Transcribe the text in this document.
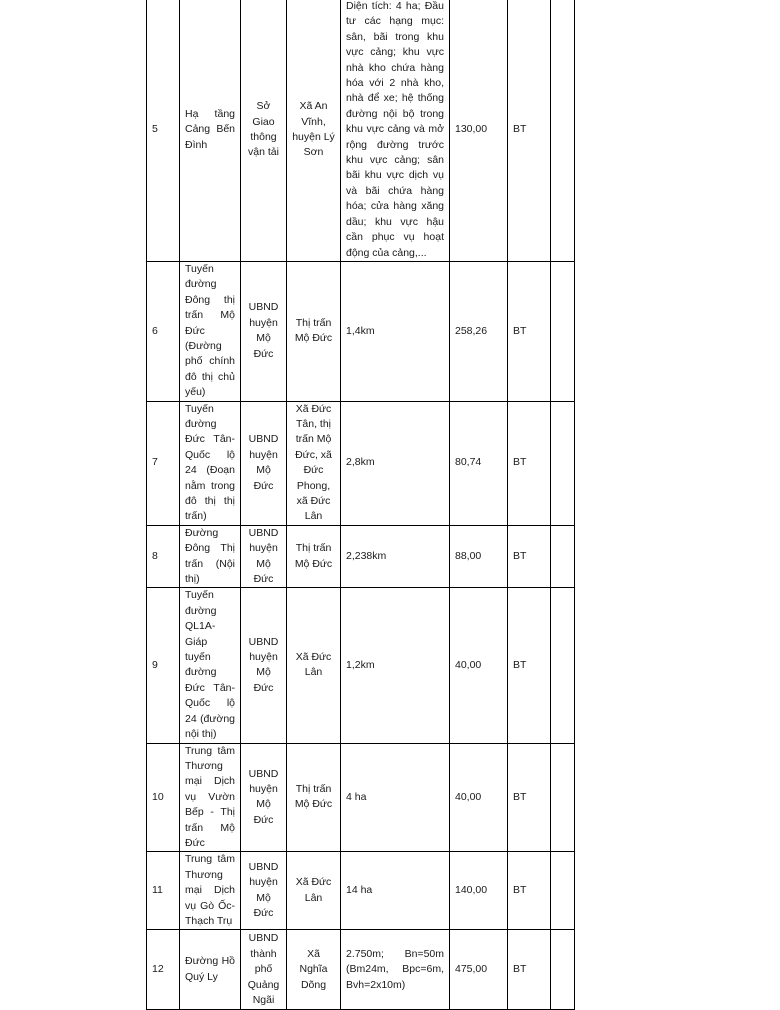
5	Hạ tầng Cảng Bến Đình	Sở Giao thông vận tải	Xã An Vĩnh, huyện Lý Sơn	Diện tích: 4 ha; Đầu tư các hạng mục: sân, bãi trong khu vực cảng; khu vực nhà kho chứa hàng hóa với 2 nhà kho, nhà để xe; hệ thống đường nội bộ trong khu vực cảng và mở rộng đường trước khu vực cảng; sân bãi khu vực dịch vụ và bãi chứa hàng hóa; cửa hàng xăng dầu; khu vực hậu cần phục vụ hoạt động của cảng,...	130,00	BT	
6	Tuyến đường Đông thị trấn Mộ Đức (Đường phố chính đô thị chủ yếu)	UBND huyện Mộ Đức	Thị trấn Mộ Đức	1,4km	258,26	BT	
7	Tuyến đường Đức Tân-Quốc lộ 24 (Đoạn nằm trong đô thị thị trấn)	UBND huyện Mộ Đức	Xã Đức Tân, thị trấn Mộ Đức, xã Đức Phong, xã Đức Lân	2,8km	80,74	BT	
8	Đường Đông Thị trấn (Nội thị)	UBND huyện Mộ Đức	Thị trấn Mộ Đức	2,238km	88,00	BT	
9	Tuyến đường QL1A-Giáp tuyến đường Đức Tân-Quốc lộ 24 (đường nội thị)	UBND huyện Mộ Đức	Xã Đức Lân	1,2km	40,00	BT	
10	Trung tâm Thương mại Dịch vụ Vườn Bếp - Thị trấn Mộ Đức	UBND huyện Mộ Đức	Thị trấn Mộ Đức	4 ha	40,00	BT	
11	Trung tâm Thương mại Dịch vụ Gò Ốc-Thạch Trụ	UBND huyện Mộ Đức	Xã Đức Lân	14 ha	140,00	BT	
12	Đường Hồ Quý Ly	UBND thành phố Quảng Ngãi	Xã Nghĩa Dõng	2.750m; Bn=50m (Bm24m, Bpc=6m, Bvh=2x10m)	475,00	BT	
